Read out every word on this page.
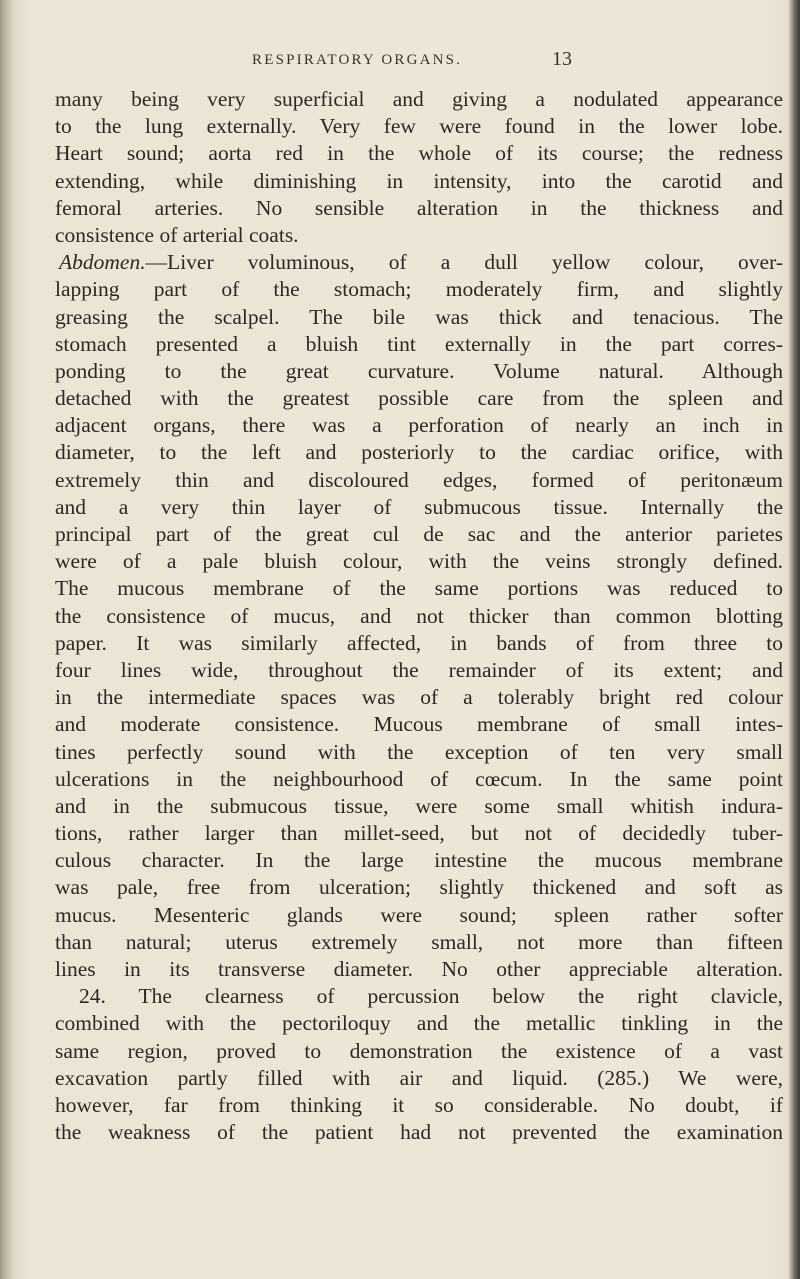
RESPIRATORY ORGANS.	13
many being very superficial and giving a nodulated appearance
to the lung externally. Very few were found in the lower lobe.
Heart sound; aorta red in the whole of its course; the redness
extending, while diminishing in intensity, into the carotid and
femoral arteries. No sensible alteration in the thickness and
consistence of arterial coats.
Abdomen.—Liver voluminous, of a dull yellow colour, over-
lapping part of the stomach; moderately firm, and slightly
greasing the scalpel. The bile was thick and tenacious. The
stomach presented a bluish tint externally in the part corres-
ponding to the great curvature. Volume natural. Although
detached with the greatest possible care from the spleen and
adjacent organs, there was a perforation of nearly an inch in
diameter, to the left and posteriorly to the cardiac orifice, with
extremely thin and discoloured edges, formed of peritonæum
and a very thin layer of submucous tissue. Internally the
principal part of the great cul de sac and the anterior parietes
were of a pale bluish colour, with the veins strongly defined.
The mucous membrane of the same portions was reduced to
the consistence of mucus, and not thicker than common blotting
paper. It was similarly affected, in bands of from three to
four lines wide, throughout the remainder of its extent; and
in the intermediate spaces was of a tolerably bright red colour
and moderate consistence. Mucous membrane of small intes-
tines perfectly sound with the exception of ten very small
ulcerations in the neighbourhood of cœcum. In the same point
and in the submucous tissue, were some small whitish indura-
tions, rather larger than millet-seed, but not of decidedly tuber-
culous character. In the large intestine the mucous membrane
was pale, free from ulceration; slightly thickened and soft as
mucus. Mesenteric glands were sound; spleen rather softer
than natural; uterus extremely small, not more than fifteen
lines in its transverse diameter. No other appreciable alteration.
24. The clearness of percussion below the right clavicle,
combined with the pectoriloquy and the metallic tinkling in the
same region, proved to demonstration the existence of a vast
excavation partly filled with air and liquid. (285.) We were,
however, far from thinking it so considerable. No doubt, if
the weakness of the patient had not prevented the examination
